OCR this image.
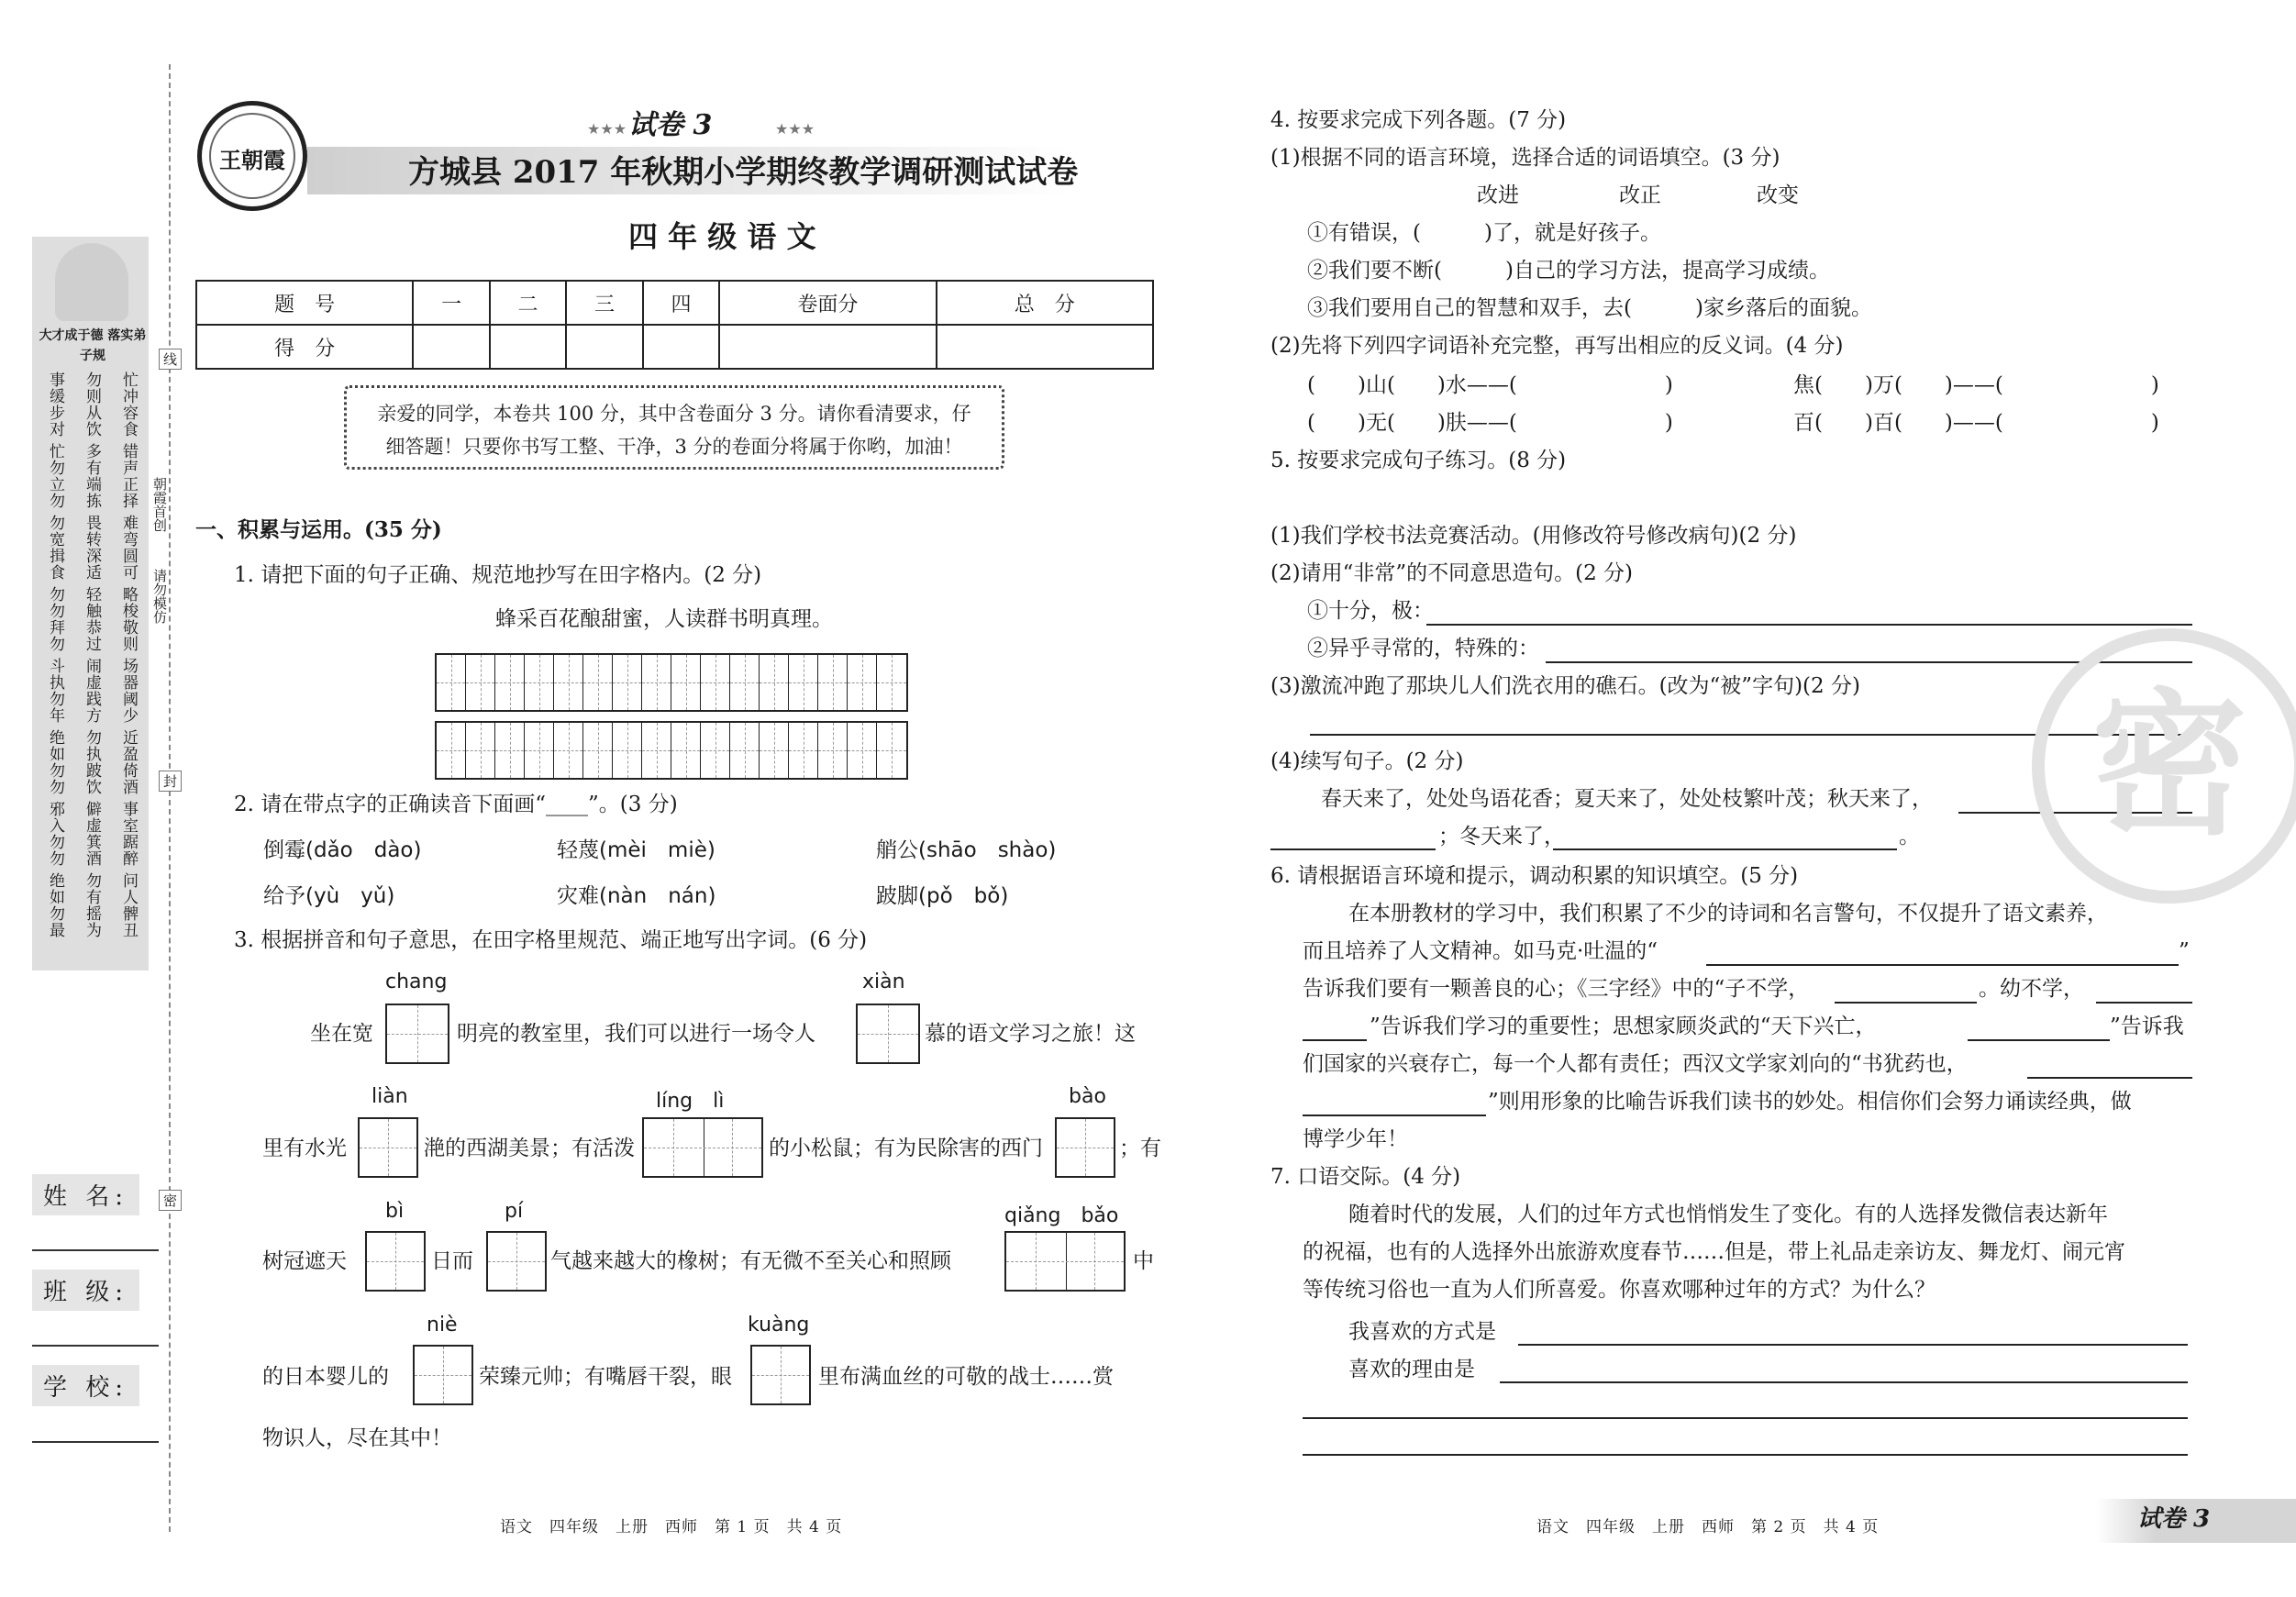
大才成于德 落实弟子规
事缓步对 勿则从饮 忙冲容食
忙勿立勿 多有端拣 错声正择
勿宽揖食 畏转深适 难弯圆可
勿勿拜勿 轻触恭过 略梭敬则
斗执勿年 闹虚践方 场器阈少
绝如勿勿 勿执跛饮 近盈倚酒
邪入勿勿 僻虚箕酒 事室踞醉
绝如勿最 勿有摇为 问人髀丑
朝霞首创
请勿模仿
线
封
密
姓 名:
班 级:
学 校:
王朝霞
试卷 3
★★★	★★★
方城县 2017 年秋期小学期终教学调研测试试卷
四 年 级 语 文
题　号	一	二	三	四	卷面分	总　分
得　分						
亲爱的同学，本卷共 100 分，其中含卷面分 3 分。请你看清要求，仔
细答题！只要你书写工整、干净，3 分的卷面分将属于你哟，加油！
一、积累与运用。(35 分)
1. 请把下面的句子正确、规范地抄写在田字格内。(2 分)
蜂采百花酿甜蜜，人读群书明真理。
2. 请在带点字的正确读音下面画“____”。(3 分)
倒霉(dǎo　dào)	轻蔑(mèi　miè)	艄公(shāo　shào)
给予(yù　yǔ)	灾难(nàn　nán)	跛脚(pǒ　bǒ)
3. 根据拼音和句子意思，在田字格里规范、端正地写出字词。(6 分)
chang	xiàn
坐在宽	明亮的教室里，我们可以进行一场令人	慕的语文学习之旅！这
liàn	líng　lì	bào
里有水光	滟的西湖美景；有活泼	的小松鼠；有为民除害的西门	；有
bì	pí	qiǎng　bǎo
树冠遮天	日而	气越来越大的橡树；有无微不至关心和照顾	中
niè	kuàng
的日本婴儿的	荣臻元帅；有嘴唇干裂，眼	里布满血丝的可敬的战士……赏
物识人，尽在其中！
语文　四年级　上册　西师　第 1 页　共 4 页
4. 按要求完成下列各题。(7 分)
(1)根据不同的语言环境，选择合适的词语填空。(3 分)
改进	改正	改变
①有错误，(　　　)了，就是好孩子。
②我们要不断(　　　)自己的学习方法，提高学习成绩。
③我们要用自己的智慧和双手，去(　　　)家乡落后的面貌。
(2)先将下列四字词语补充完整，再写出相应的反义词。(4 分)
(　　)山(　　)水——(　　　　　　　)	焦(　　)万(　　)——(　　　　　　　)
(　　)无(　　)肤——(　　　　　　　)	百(　　)百(　　)——(　　　　　　　)
5. 按要求完成句子练习。(8 分)
(1)我们学校书法竞赛活动。(用修改符号修改病句)(2 分)
(2)请用“非常”的不同意思造句。(2 分)
①十分，极：
②异乎寻常的，特殊的：
(3)激流冲跑了那块儿人们洗衣用的礁石。(改为“被”字句)(2 分)
(4)续写句子。(2 分)
春天来了，处处鸟语花香；夏天来了，处处枝繁叶茂；秋天来了，
；冬天来了，	。
6. 请根据语言环境和提示，调动积累的知识填空。(5 分)
在本册教材的学习中，我们积累了不少的诗词和名言警句，不仅提升了语文素养，
而且培养了人文精神。如马克·吐温的“	”
告诉我们要有一颗善良的心；《三字经》中的“子不学，	。幼不学，
”告诉我们学习的重要性；思想家顾炎武的“天下兴亡，	”告诉我
们国家的兴衰存亡，每一个人都有责任；西汉文学家刘向的“书犹药也，
”则用形象的比喻告诉我们读书的妙处。相信你们会努力诵读经典，做
博学少年！
7. 口语交际。(4 分)
随着时代的发展，人们的过年方式也悄悄发生了变化。有的人选择发微信表达新年
的祝福，也有的人选择外出旅游欢度春节……但是，带上礼品走亲访友、舞龙灯、闹元宵
等传统习俗也一直为人们所喜爱。你喜欢哪种过年的方式？为什么？
我喜欢的方式是
喜欢的理由是
语文　四年级　上册　西师　第 2 页　共 4 页	试卷 3
密
